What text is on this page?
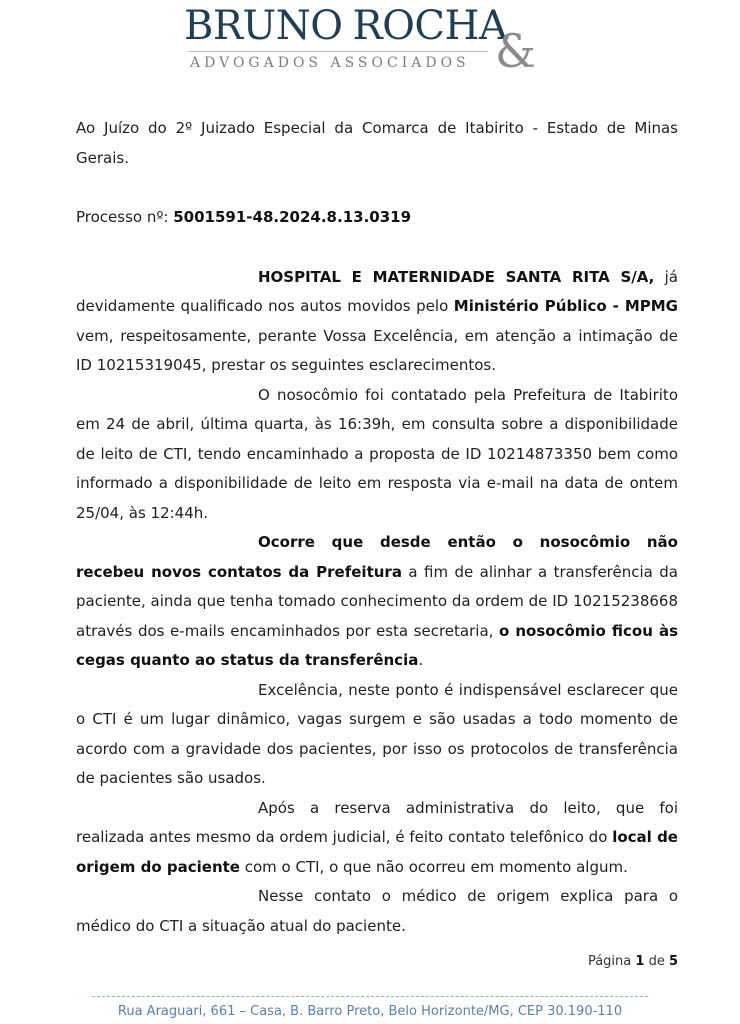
BRUNO ROCHA
ADVOGADOS ASSOCIADOS &

Ao Juízo do 2º Juizado Especial da Comarca de Itabirito - Estado de Minas Gerais.

Processo nº: 5001591-48.2024.8.13.0319

HOSPITAL E MATERNIDADE SANTA RITA S/A, já devidamente qualificado nos autos movidos pelo Ministério Público - MPMG vem, respeitosamente, perante Vossa Excelência, em atenção a intimação de ID 10215319045, prestar os seguintes esclarecimentos.

O nosocômio foi contatado pela Prefeitura de Itabirito em 24 de abril, última quarta, às 16:39h, em consulta sobre a disponibilidade de leito de CTI, tendo encaminhado a proposta de ID 10214873350 bem como informado a disponibilidade de leito em resposta via e-mail na data de ontem 25/04, às 12:44h.

Ocorre que desde então o nosocômio não recebeu novos contatos da Prefeitura a fim de alinhar a transferência da paciente, ainda que tenha tomado conhecimento da ordem de ID 10215238668 através dos e-mails encaminhados por esta secretaria, o nosocômio ficou às cegas quanto ao status da transferência.

Excelência, neste ponto é indispensável esclarecer que o CTI é um lugar dinâmico, vagas surgem e são usadas a todo momento de acordo com a gravidade dos pacientes, por isso os protocolos de transferência de pacientes são usados.

Após a reserva administrativa do leito, que foi realizada antes mesmo da ordem judicial, é feito contato telefônico do local de origem do paciente com o CTI, o que não ocorreu em momento algum.

Nesse contato o médico de origem explica para o médico do CTI a situação atual do paciente.

Página 1 de 5
Rua Araguari, 661 – Casa, B. Barro Preto, Belo Horizonte/MG, CEP 30.190-110
